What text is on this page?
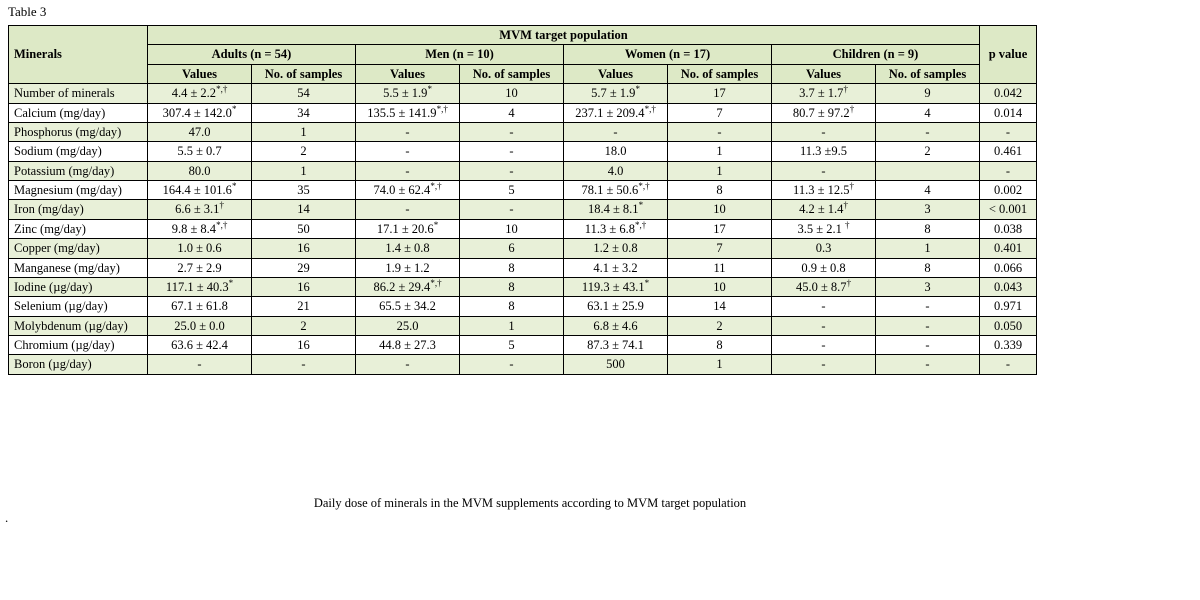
Table 3
Minerals	MVM target population								p value
	Adults (n = 54)		Men (n = 10)		Women (n = 17)		Children (n = 9)		
	Values	No. of samples	Values	No. of samples	Values	No. of samples	Values	No. of samples	
Number of minerals	4.4 ± 2.2*,†	54	5.5 ± 1.9*	10	5.7 ± 1.9*	17	3.7 ± 1.7†	9	0.042
Calcium (mg/day)	307.4 ± 142.0*	34	135.5 ± 141.9*,†	4	237.1 ± 209.4*,†	7	80.7 ± 97.2†	4	0.014
Phosphorus (mg/day)	47.0	1	-	-	-	-	-	-	-
Sodium (mg/day)	5.5 ± 0.7	2	-	-	18.0	1	11.3 ±9.5	2	0.461
Potassium (mg/day)	80.0	1	-	-	4.0	1	-		-
Magnesium (mg/day)	164.4 ± 101.6*	35	74.0 ± 62.4*,†	5	78.1 ± 50.6*,†	8	11.3 ± 12.5†	4	0.002
Iron (mg/day)	6.6 ± 3.1†	14	-	-	18.4 ± 8.1*	10	4.2 ± 1.4†	3	< 0.001
Zinc (mg/day)	9.8 ± 8.4*,†	50	17.1 ± 20.6*	10	11.3 ± 6.8*,†	17	3.5 ± 2.1 †	8	0.038
Copper (mg/day)	1.0 ± 0.6	16	1.4 ± 0.8	6	1.2 ± 0.8	7	0.3	1	0.401
Manganese (mg/day)	2.7 ± 2.9	29	1.9 ± 1.2	8	4.1 ± 3.2	11	0.9 ± 0.8	8	0.066
Iodine (µg/day)	117.1 ± 40.3*	16	86.2 ± 29.4*,†	8	119.3 ± 43.1*	10	45.0 ± 8.7†	3	0.043
Selenium (µg/day)	67.1 ± 61.8	21	65.5 ± 34.2	8	63.1 ± 25.9	14	-	-	0.971
Molybdenum (µg/day)	25.0 ± 0.0	2	25.0	1	6.8 ± 4.6	2	-	-	0.050
Chromium (µg/day)	63.6 ± 42.4	16	44.8 ± 27.3	5	87.3 ± 74.1	8	-	-	0.339
Boron (µg/day)	-	-	-	-	500	1	-	-	-
Daily dose of minerals in the MVM supplements according to MVM target population
.
